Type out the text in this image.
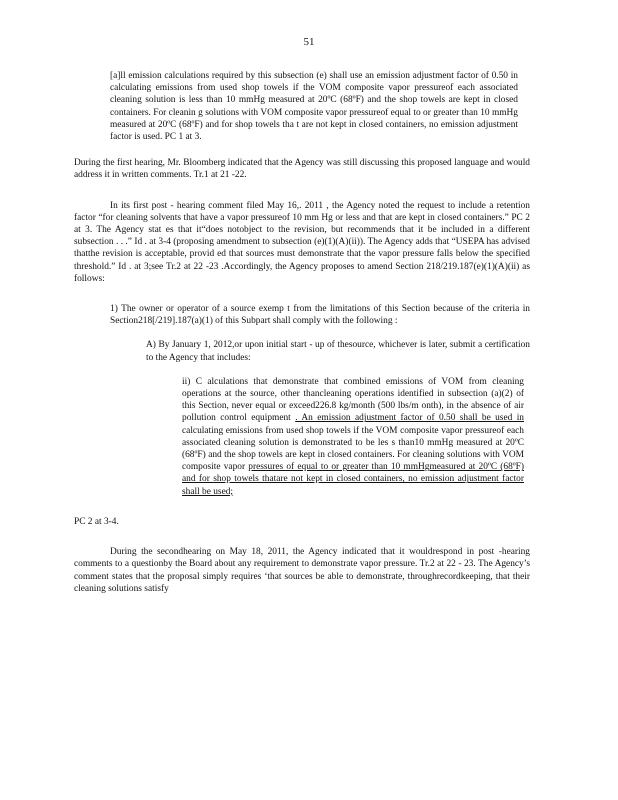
51

[a]ll emission calculations required by this subsection (e) shall use an emission adjustment factor of 0.50 in calculating emissions from used shop towels if the VOM composite vapor pressureof each associated cleaning solution is less than 10 mmHg measured at 20ºC (68ºF) and the shop towels are kept in closed containers. For cleanin g solutions with VOM composite vapor pressureof equal to or greater than 10 mmHg measured at 20ºC (68ºF) and for shop towels tha t are not kept in closed containers, no emission adjustment factor is used. PC 1 at 3.

During the first hearing, Mr. Bloomberg indicated that the Agency was still discussing this proposed language and would address it in written comments. Tr.1 at 21 -22.

In its first post - hearing comment filed May 16,. 2011 , the Agency noted the request to include a retention factor “for cleaning solvents that have a vapor pressureof 10 mm Hg or less and that are kept in closed containers.” PC 2 at 3. The Agency stat es that it“does notobject to the revision, but recommends that it be included in a different subsection . . .” Id . at 3-4 (proposing amendment to subsection (e)(1)(A)(ii)). The Agency adds that “USEPA has advised thatthe revision is acceptable, provid ed that sources must demonstrate that the vapor pressure falls below the specified threshold.” Id . at 3;see Tr.2 at 22 -23 .Accordingly, the Agency proposes to amend Section 218/219.187(e)(1)(A)(ii) as follows:

1) The owner or operator of a source exemp t from the limitations of this Section because of the criteria in Section218[/219].187(a)(1) of this Subpart shall comply with the following :

A) By January 1, 2012,or upon initial start - up of thesource, whichever is later, submit a certification to the Agency that includes:

ii) C alculations that demonstrate that combined emissions of VOM from cleaning operations at the source, other thancleaning operations identified in subsection (a)(2) of this Section, never equal or exceed226.8 kg/month (500 lbs/m onth), in the absence of air pollution control equipment . An emission adjustment factor of 0.50 shall be used in calculating emissions from used shop towels if the VOM composite vapor pressureof each associated cleaning solution is demonstrated to be les s than10 mmHg measured at 20ºC (68ºF) and the shop towels are kept in closed containers. For cleaning solutions with VOM composite vapor pressures of equal to or greater than 10 mmHgmeasured at 20ºC (68ºF) and for shop towels thatare not kept in closed containers, no emission adjustment factor shall be used;

PC 2 at 3-4.

During the secondhearing on May 18, 2011, the Agency indicated that it wouldrespond in post -hearing comments to a questionby the Board about any requirement to demonstrate vapor pressure. Tr.2 at 22 - 23. The Agency’s comment states that the proposal simply requires ‘that sources be able to demonstrate, throughrecordkeeping, that their cleaning solutions satisfy
